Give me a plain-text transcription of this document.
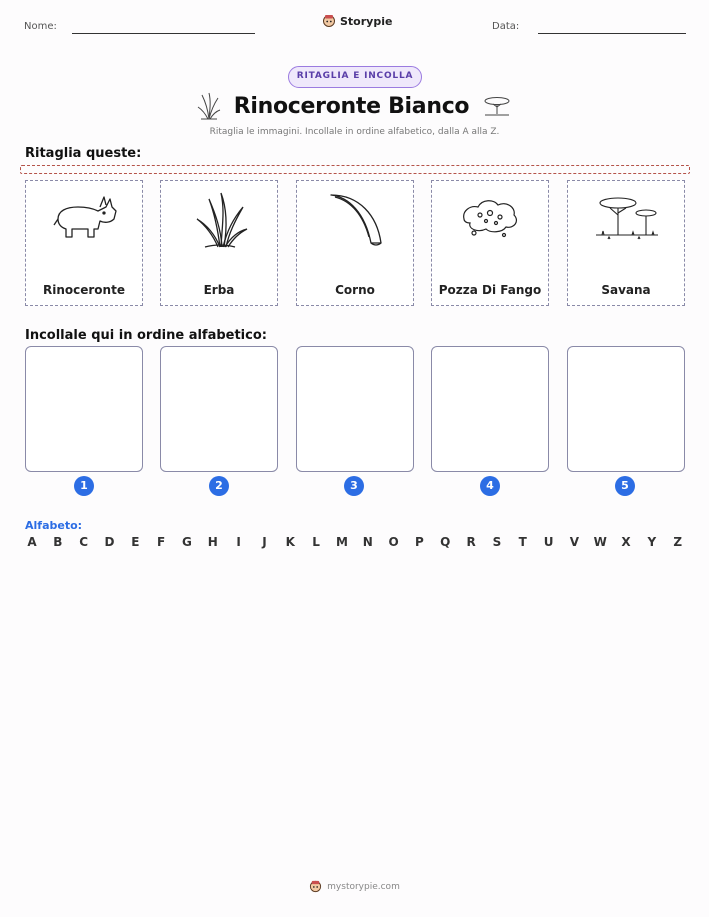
Nome:	Storypie	Data:
RITAGLIA E INCOLLA
Rinoceronte Bianco
Ritaglia le immagini. Incollale in ordine alfabetico, dalla A alla Z.
Ritaglia queste:
Rinoceronte	Erba	Corno	Pozza Di Fango	Savana
Incollale qui in ordine alfabetico:
1	2	3	4	5
Alfabeto:
A B C D E F G H	I	J	K L M N O P Q R S T U V W X Y Z
mystorypie.com
